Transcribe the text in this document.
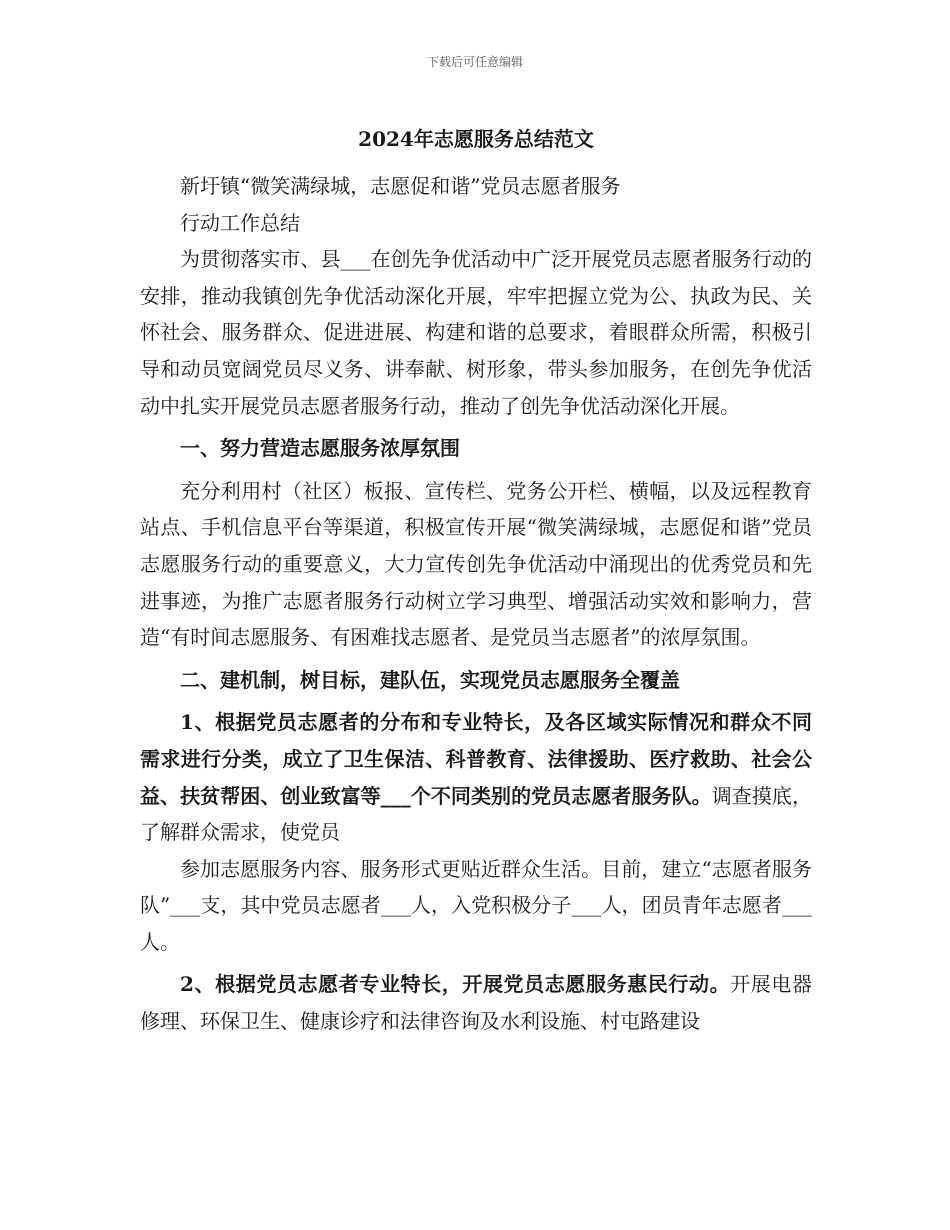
下载后可任意编辑
2024年志愿服务总结范文

新圩镇“微笑满绿城，志愿促和谐”党员志愿者服务

行动工作总结

为贯彻落实市、县___在创先争优活动中广泛开展党员志愿者服务行动的安排，推动我镇创先争优活动深化开展，牢牢把握立党为公、执政为民、关怀社会、服务群众、促进进展、构建和谐的总要求，着眼群众所需，积极引导和动员宽阔党员尽义务、讲奉献、树形象，带头参加服务，在创先争优活动中扎实开展党员志愿者服务行动，推动了创先争优活动深化开展。

一、努力营造志愿服务浓厚氛围

充分利用村（社区）板报、宣传栏、党务公开栏、横幅，以及远程教育站点、手机信息平台等渠道，积极宣传开展“微笑满绿城，志愿促和谐”党员志愿服务行动的重要意义，大力宣传创先争优活动中涌现出的优秀党员和先进事迹，为推广志愿者服务行动树立学习典型、增强活动实效和影响力，营造“有时间志愿服务、有困难找志愿者、是党员当志愿者”的浓厚氛围。

二、建机制，树目标，建队伍，实现党员志愿服务全覆盖

1、根据党员志愿者的分布和专业特长，及各区域实际情况和群众不同需求进行分类，成立了卫生保洁、科普教育、法律援助、医疗救助、社会公益、扶贫帮困、创业致富等___个不同类别的党员志愿者服务队。调查摸底，了解群众需求，使党员

参加志愿服务内容、服务形式更贴近群众生活。目前，建立“志愿者服务队”___支，其中党员志愿者___人，入党积极分子___人，团员青年志愿者___人。

2、根据党员志愿者专业特长，开展党员志愿服务惠民行动。开展电器修理、环保卫生、健康诊疗和法律咨询及水利设施、村屯路建设
